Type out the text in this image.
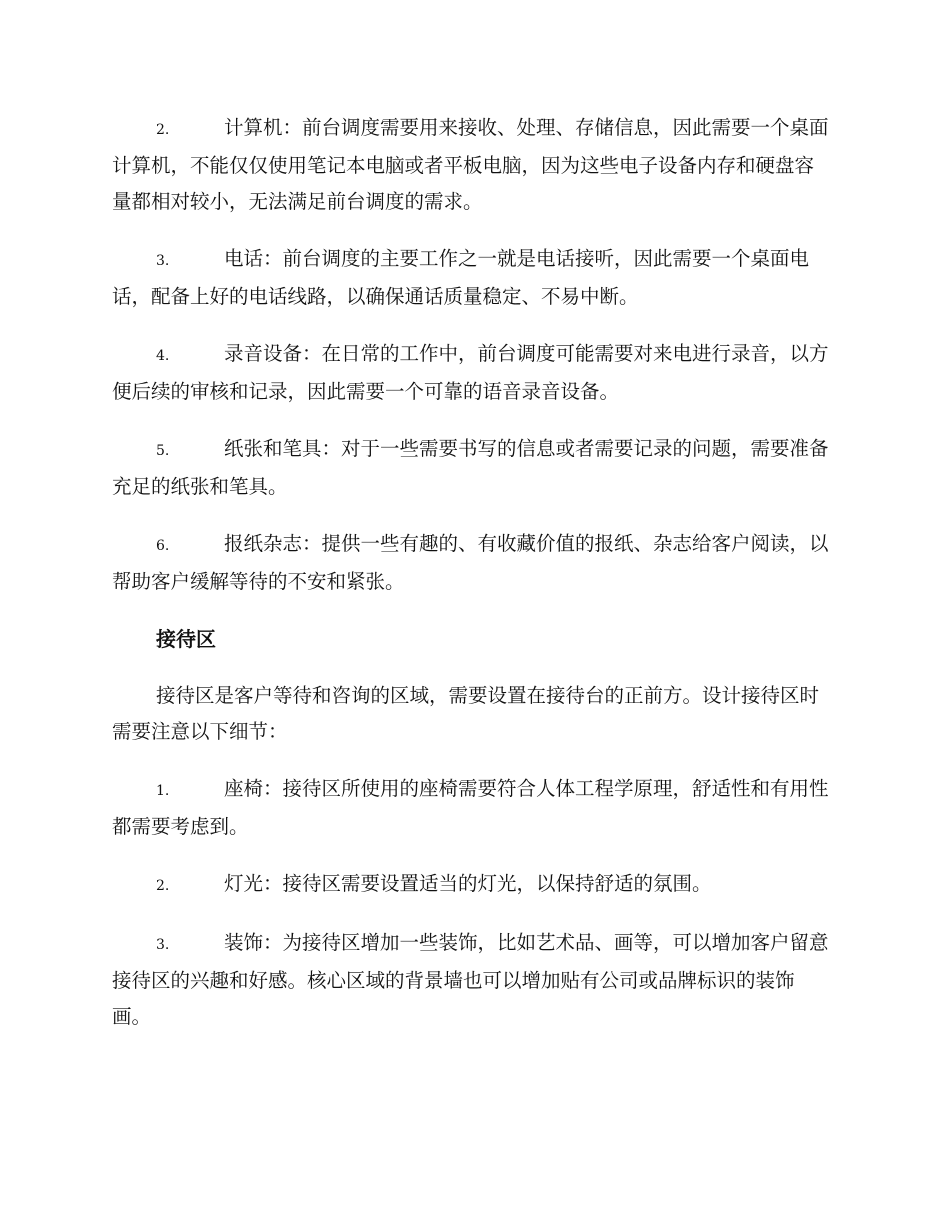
2.	计算机：前台调度需要用来接收、处理、存储信息，因此需要一个桌面计算机，不能仅仅使用笔记本电脑或者平板电脑，因为这些电子设备内存和硬盘容量都相对较小，无法满足前台调度的需求。
3.	电话：前台调度的主要工作之一就是电话接听，因此需要一个桌面电话，配备上好的电话线路，以确保通话质量稳定、不易中断。
4.	录音设备：在日常的工作中，前台调度可能需要对来电进行录音，以方便后续的审核和记录，因此需要一个可靠的语音录音设备。
5.	纸张和笔具：对于一些需要书写的信息或者需要记录的问题，需要准备充足的纸张和笔具。
6.	报纸杂志：提供一些有趣的、有收藏价值的报纸、杂志给客户阅读，以帮助客户缓解等待的不安和紧张。
接待区
接待区是客户等待和咨询的区域，需要设置在接待台的正前方。设计接待区时需要注意以下细节：
1.	座椅：接待区所使用的座椅需要符合人体工程学原理，舒适性和有用性都需要考虑到。
2.	灯光：接待区需要设置适当的灯光，以保持舒适的氛围。
3.	装饰：为接待区增加一些装饰，比如艺术品、画等，可以增加客户留意接待区的兴趣和好感。核心区域的背景墙也可以增加贴有公司或品牌标识的装饰画。
